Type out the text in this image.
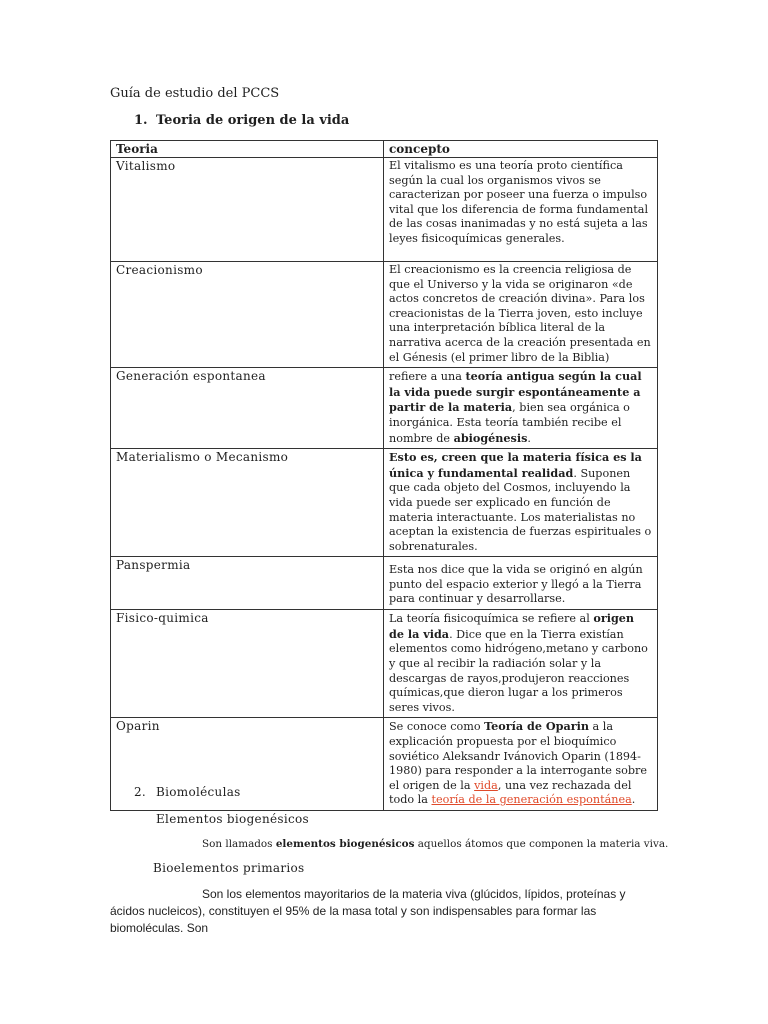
Guía de estudio del PCCS
1. Teoria de origen de la vida
Teoria	concepto
Vitalismo	El vitalismo es una teoría proto científica según la cual los organismos vivos se caracterizan por poseer una fuerza o impulso vital que los diferencia de forma fundamental de las cosas inanimadas y no está sujeta a las leyes fisicoquímicas generales.
Creacionismo	El creacionismo es la creencia religiosa de que el Universo y la vida se originaron «de actos concretos de creación divina». Para los creacionistas de la Tierra joven, esto incluye una interpretación bíblica literal de la narrativa acerca de la creación presentada en el Génesis (el primer libro de la Biblia)
Generación espontanea	refiere a una teoría antigua según la cual la vida puede surgir espontáneamente a partir de la materia, bien sea orgánica o inorgánica. Esta teoría también recibe el nombre de abiogénesis.
Materialismo o Mecanismo	Esto es, creen que la materia física es la única y fundamental realidad. Suponen que cada objeto del Cosmos, incluyendo la vida puede ser explicado en función de materia interactuante. Los materialistas no aceptan la existencia de fuerzas espirituales o sobrenaturales.
Panspermia	Esta nos dice que la vida se originó en algún punto del espacio exterior y llegó a la Tierra para continuar y desarrollarse.
Fisico-quimica	La teoría fisicoquímica se refiere al origen de la vida. Dice que en la Tierra existían elementos como hidrógeno,metano y carbono y que al recibir la radiación solar y la descargas de rayos,produjeron reacciones químicas,que dieron lugar a los primeros seres vivos.
Oparin	Se conoce como Teoría de Oparin a la explicación propuesta por el bioquímico soviético Aleksandr Ivánovich Oparin (1894-1980) para responder a la interrogante sobre el origen de la vida, una vez rechazada del todo la teoría de la generación espontánea.
2. Biomoléculas
Elementos biogenésicos
Son llamados elementos biogenésicos aquellos átomos que componen la materia viva.
Bioelementos primarios
Son los elementos mayoritarios de la materia viva (glúcidos, lípidos, proteínas y ácidos nucleicos), constituyen el 95% de la masa total y son indispensables para formar las biomoléculas. Son
